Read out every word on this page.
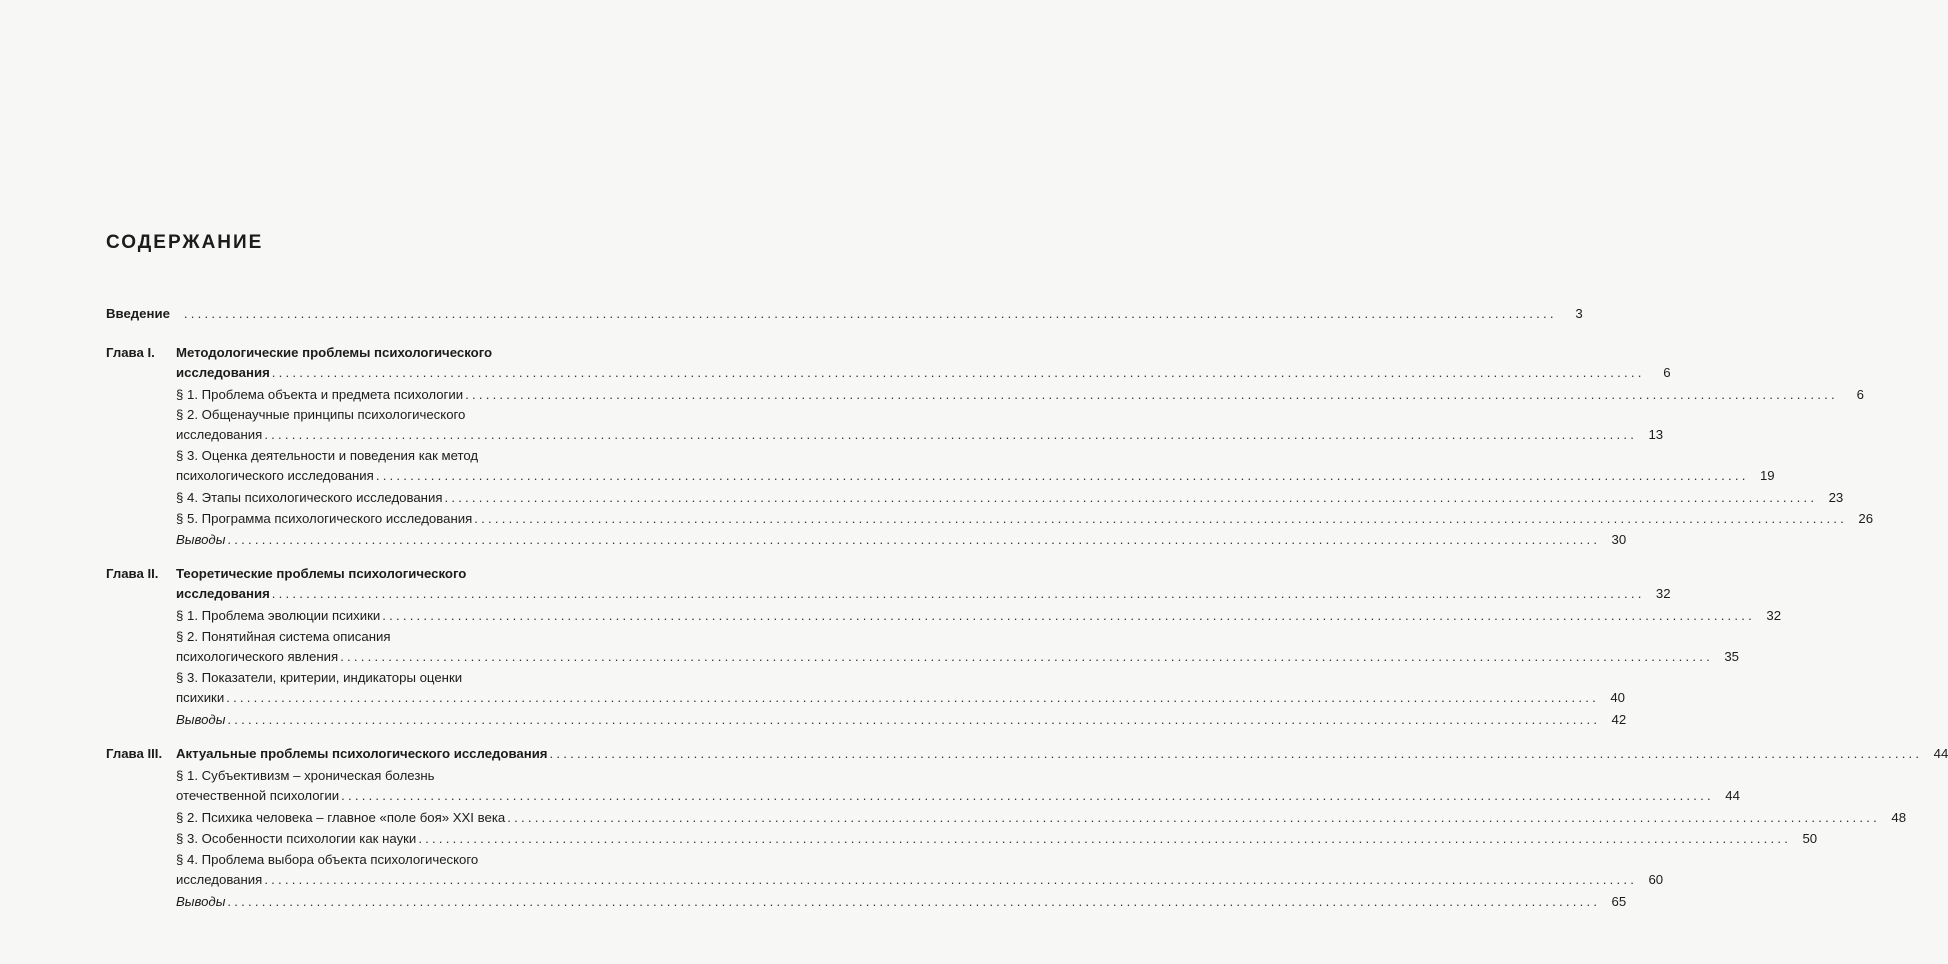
СОДЕРЖАНИЕ
Введение	........................................................................................................................................................................................................	3
Глава I.	Методологические проблемы психологического
исследования ........................................................................................................................................................................................................	6
§ 1. Проблема объекта и предмета психологии ........................................................................................................................................................................................................	6
§ 2. Общенаучные принципы психологического
исследования ........................................................................................................................................................................................................ 13
§ 3. Оценка деятельности и поведения как метод
психологического исследования ........................................................................................................................................................................................................ 19
§ 4. Этапы психологического исследования ........................................................................................................................................................................................................ 23
§ 5. Программа психологического исследования ........................................................................................................................................................................................................ 26
Выводы ........................................................................................................................................................................................................ 30
Глава II.	Теоретические проблемы психологического
исследования ........................................................................................................................................................................................................ 32
§ 1. Проблема эволюции психики ........................................................................................................................................................................................................ 32
§ 2. Понятийная система описания
психологического явления ........................................................................................................................................................................................................ 35
§ 3. Показатели, критерии, индикаторы оценки
психики ........................................................................................................................................................................................................ 40
Выводы ........................................................................................................................................................................................................ 42
Глава III.	Актуальные проблемы психологического исследования ........................................................................................................................................................................................................ 44
§ 1. Субъективизм – хроническая болезнь
отечественной психологии ........................................................................................................................................................................................................ 44
§ 2. Психика человека – главное «поле боя» XXI века ........................................................................................................................................................................................................ 48
§ 3. Особенности психологии как науки ........................................................................................................................................................................................................ 50
§ 4. Проблема выбора объекта психологического
исследования ........................................................................................................................................................................................................ 60
Выводы ........................................................................................................................................................................................................ 65
